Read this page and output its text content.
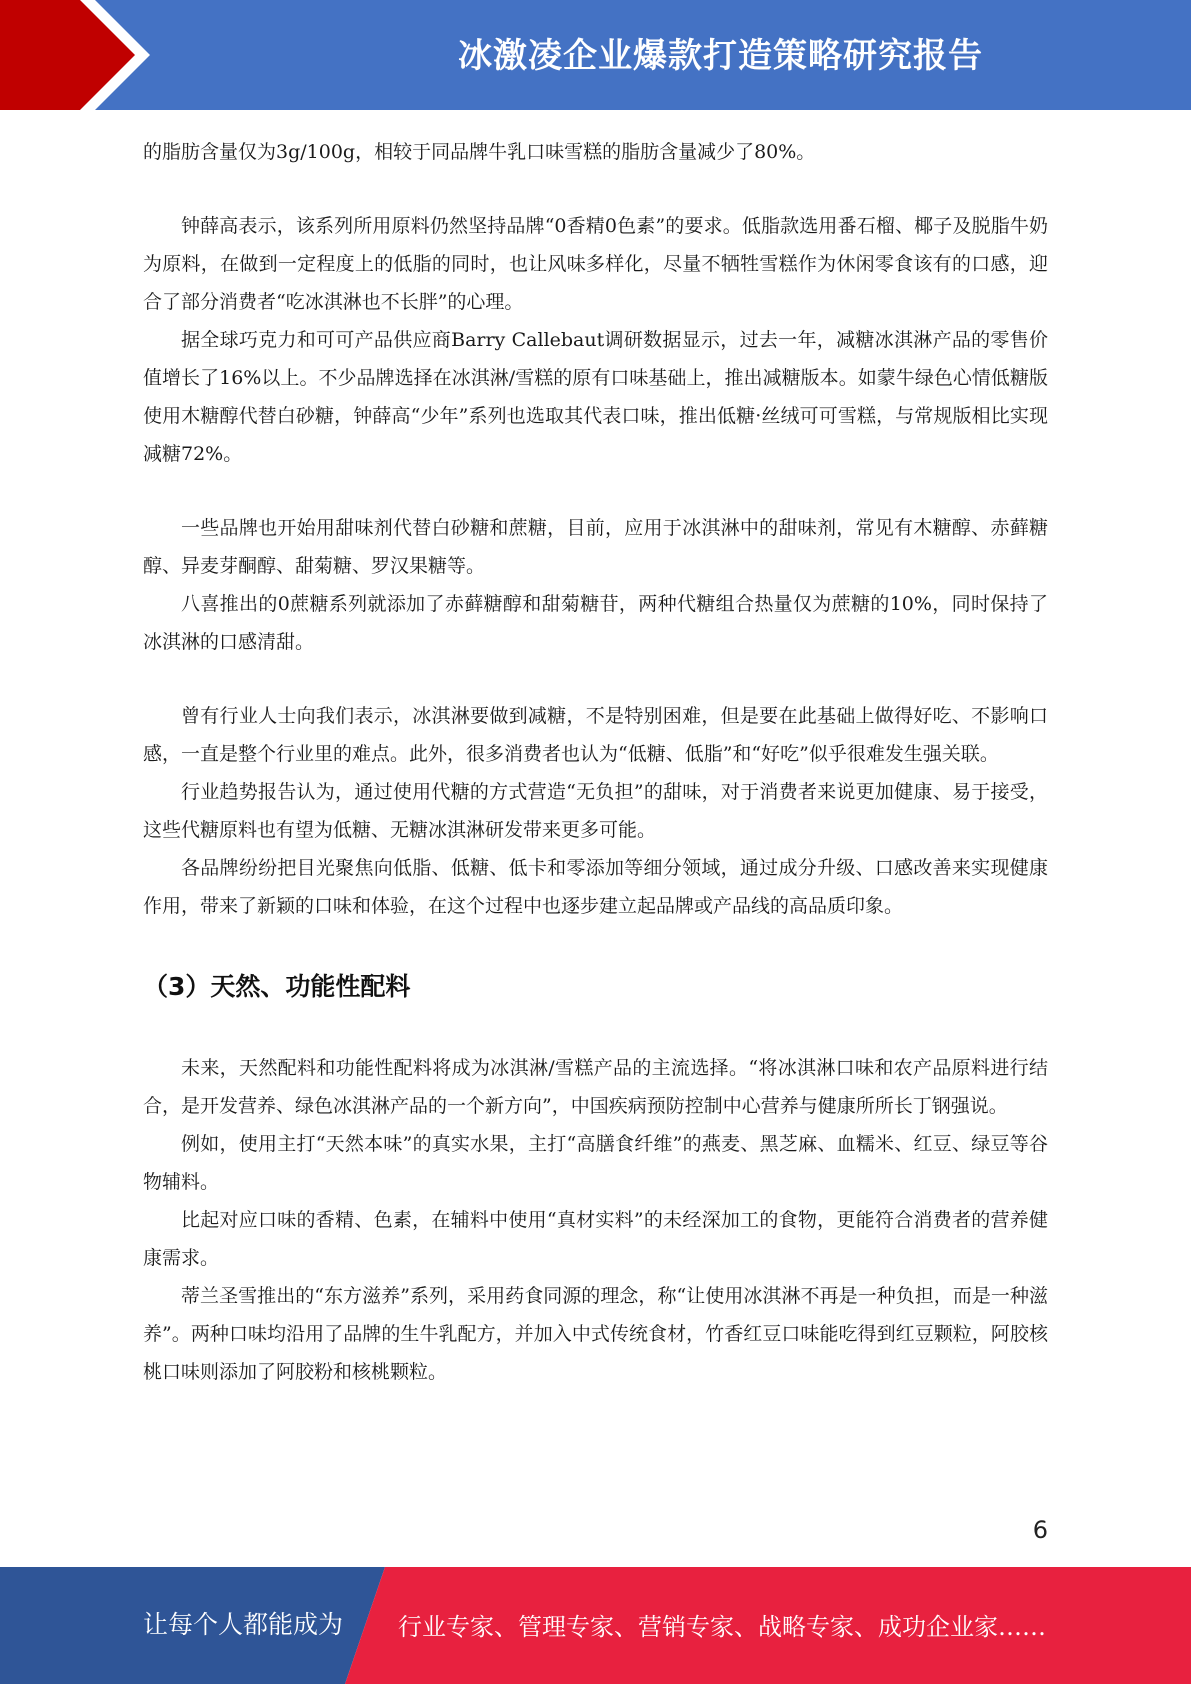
冰激凌企业爆款打造策略研究报告

的脂肪含量仅为3g/100g，相较于同品牌牛乳口味雪糕的脂肪含量减少了80%。

钟薛高表示，该系列所用原料仍然坚持品牌“0香精0色素”的要求。低脂款选用番石榴、椰子及脱脂牛奶为原料，在做到一定程度上的低脂的同时，也让风味多样化，尽量不牺牲雪糕作为休闲零食该有的口感，迎合了部分消费者“吃冰淇淋也不长胖”的心理。

据全球巧克力和可可产品供应商Barry Callebaut调研数据显示，过去一年，减糖冰淇淋产品的零售价值增长了16%以上。不少品牌选择在冰淇淋/雪糕的原有口味基础上，推出减糖版本。如蒙牛绿色心情低糖版使用木糖醇代替白砂糖，钟薛高“少年”系列也选取其代表口味，推出低糖·丝绒可可雪糕，与常规版相比实现减糖72%。

一些品牌也开始用甜味剂代替白砂糖和蔗糖，目前，应用于冰淇淋中的甜味剂，常见有木糖醇、赤藓糖醇、异麦芽酮醇、甜菊糖、罗汉果糖等。

八喜推出的0蔗糖系列就添加了赤藓糖醇和甜菊糖苷，两种代糖组合热量仅为蔗糖的10%，同时保持了冰淇淋的口感清甜。

曾有行业人士向我们表示，冰淇淋要做到减糖，不是特别困难，但是要在此基础上做得好吃、不影响口感，一直是整个行业里的难点。此外，很多消费者也认为“低糖、低脂”和“好吃”似乎很难发生强关联。

行业趋势报告认为，通过使用代糖的方式营造“无负担”的甜味，对于消费者来说更加健康、易于接受，这些代糖原料也有望为低糖、无糖冰淇淋研发带来更多可能。

各品牌纷纷把目光聚焦向低脂、低糖、低卡和零添加等细分领域，通过成分升级、口感改善来实现健康作用，带来了新颖的口味和体验，在这个过程中也逐步建立起品牌或产品线的高品质印象。

（3）天然、功能性配料

未来，天然配料和功能性配料将成为冰淇淋/雪糕产品的主流选择。“将冰淇淋口味和农产品原料进行结合，是开发营养、绿色冰淇淋产品的一个新方向”，中国疾病预防控制中心营养与健康所所长丁钢强说。

例如，使用主打“天然本味”的真实水果，主打“高膳食纤维”的燕麦、黑芝麻、血糯米、红豆、绿豆等谷物辅料。

比起对应口味的香精、色素，在辅料中使用“真材实料”的未经深加工的食物，更能符合消费者的营养健康需求。

蒂兰圣雪推出的“东方滋养”系列，采用药食同源的理念，称“让使用冰淇淋不再是一种负担，而是一种滋养”。两种口味均沿用了品牌的生牛乳配方，并加入中式传统食材，竹香红豆口味能吃得到红豆颗粒，阿胶核桃口味则添加了阿胶粉和核桃颗粒。

6
让每个人都能成为 行业专家、管理专家、营销专家、战略专家、成功企业家……
